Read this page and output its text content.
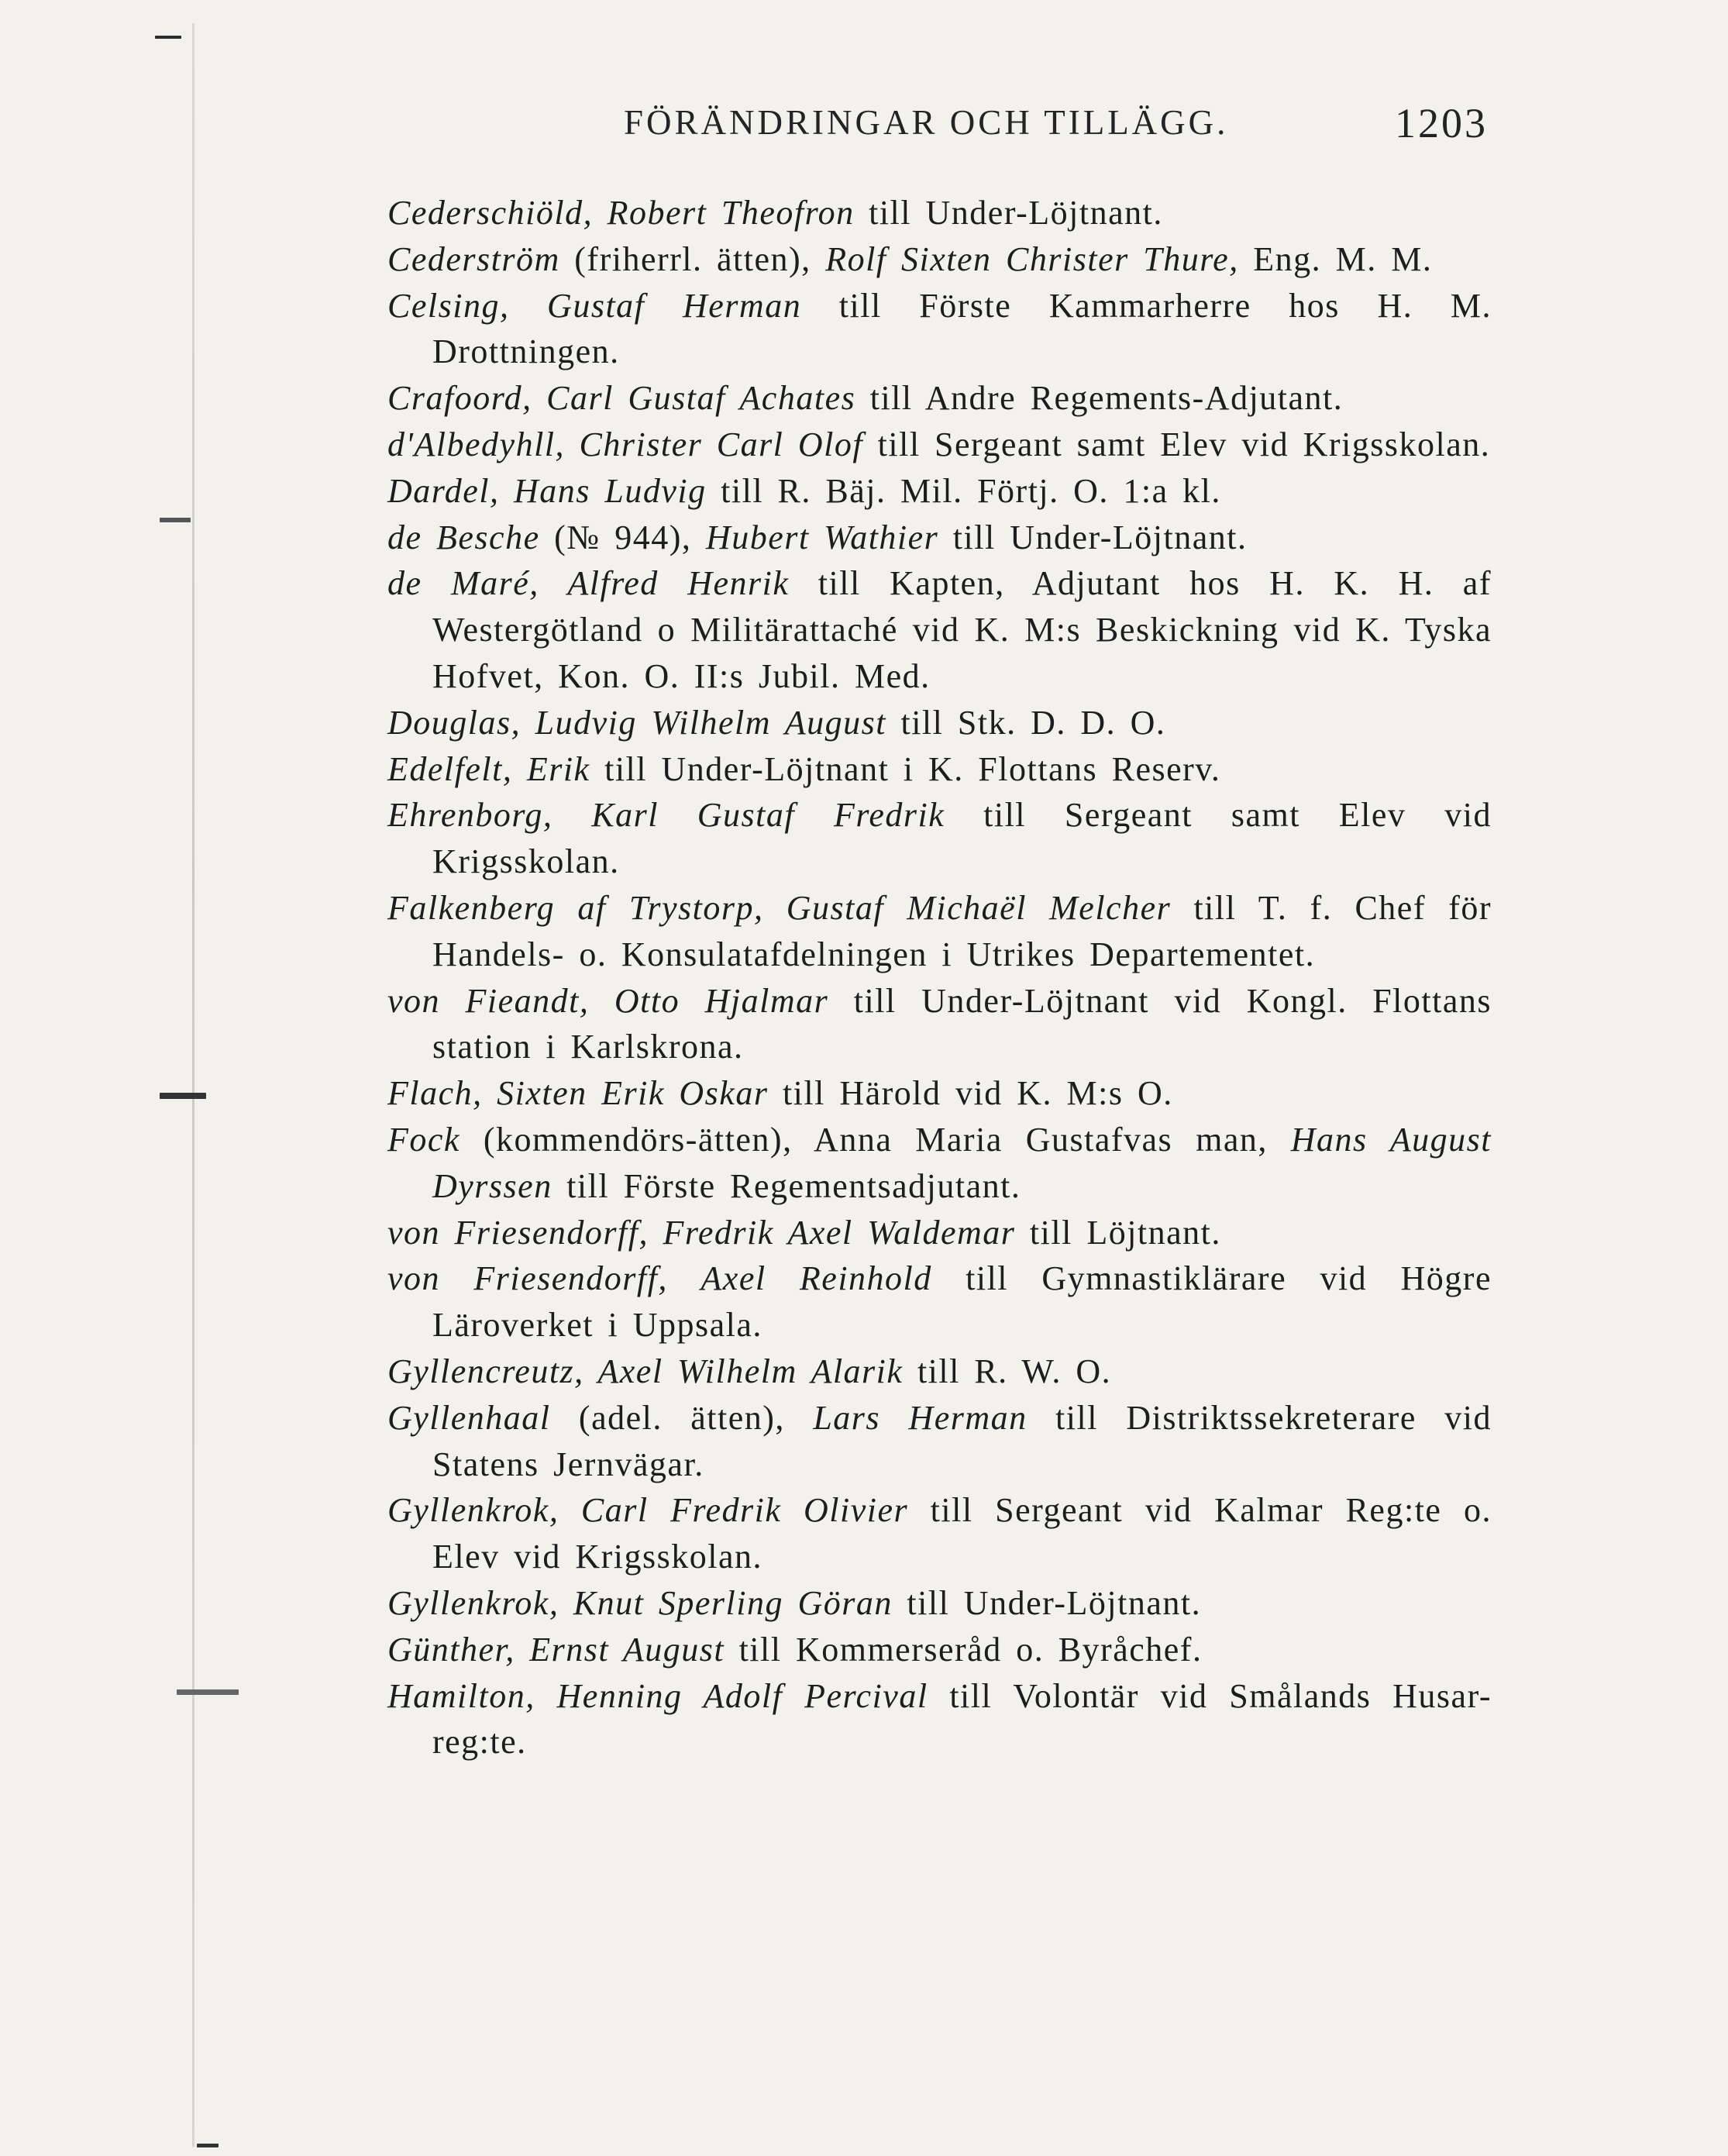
FÖRÄNDRINGAR OCH TILLÄGG.	1203
Cederschiöld, Robert Theofron till Under-Löjtnant.
Cederström (friherrl. ätten), Rolf Sixten Christer Thure, Eng. M. M.
Celsing, Gustaf Herman till Förste Kammarherre hos H. M. Drottningen.
Crafoord, Carl Gustaf Achates till Andre Regements-Adjutant.
d'Albedyhll, Christer Carl Olof till Sergeant samt Elev vid Krigsskolan.
Dardel, Hans Ludvig till R. Bäj. Mil. Förtj. O. 1:a kl.
de Besche (№ 944), Hubert Wathier till Under-Löjtnant.
de Maré, Alfred Henrik till Kapten, Adjutant hos H. K. H. af Westergötland o Militärattaché vid K. M:s Beskickning vid K. Tyska Hofvet, Kon. O. II:s Jubil. Med.
Douglas, Ludvig Wilhelm August till Stk. D. D. O.
Edelfelt, Erik till Under-Löjtnant i K. Flottans Reserv.
Ehrenborg, Karl Gustaf Fredrik till Sergeant samt Elev vid Krigsskolan.
Falkenberg af Trystorp, Gustaf Michaël Melcher till T. f. Chef för Handels- o. Konsulatafdelningen i Utrikes Departementet.
von Fieandt, Otto Hjalmar till Under-Löjtnant vid Kongl. Flottans station i Karlskrona.
Flach, Sixten Erik Oskar till Härold vid K. M:s O.
Fock (kommendörs-ätten), Anna Maria Gustafvas man, Hans August Dyrssen till Förste Regementsadjutant.
von Friesendorff, Fredrik Axel Waldemar till Löjtnant.
von Friesendorff, Axel Reinhold till Gymnastiklärare vid Högre Läroverket i Uppsala.
Gyllencreutz, Axel Wilhelm Alarik till R. W. O.
Gyllenhaal (adel. ätten), Lars Herman till Distriktssekreterare vid Statens Jernvägar.
Gyllenkrok, Carl Fredrik Olivier till Sergeant vid Kalmar Reg:te o. Elev vid Krigsskolan.
Gyllenkrok, Knut Sperling Göran till Under-Löjtnant.
Günther, Ernst August till Kommerseråd o. Byråchef.
Hamilton, Henning Adolf Percival till Volontär vid Smålands Husar-reg:te.
